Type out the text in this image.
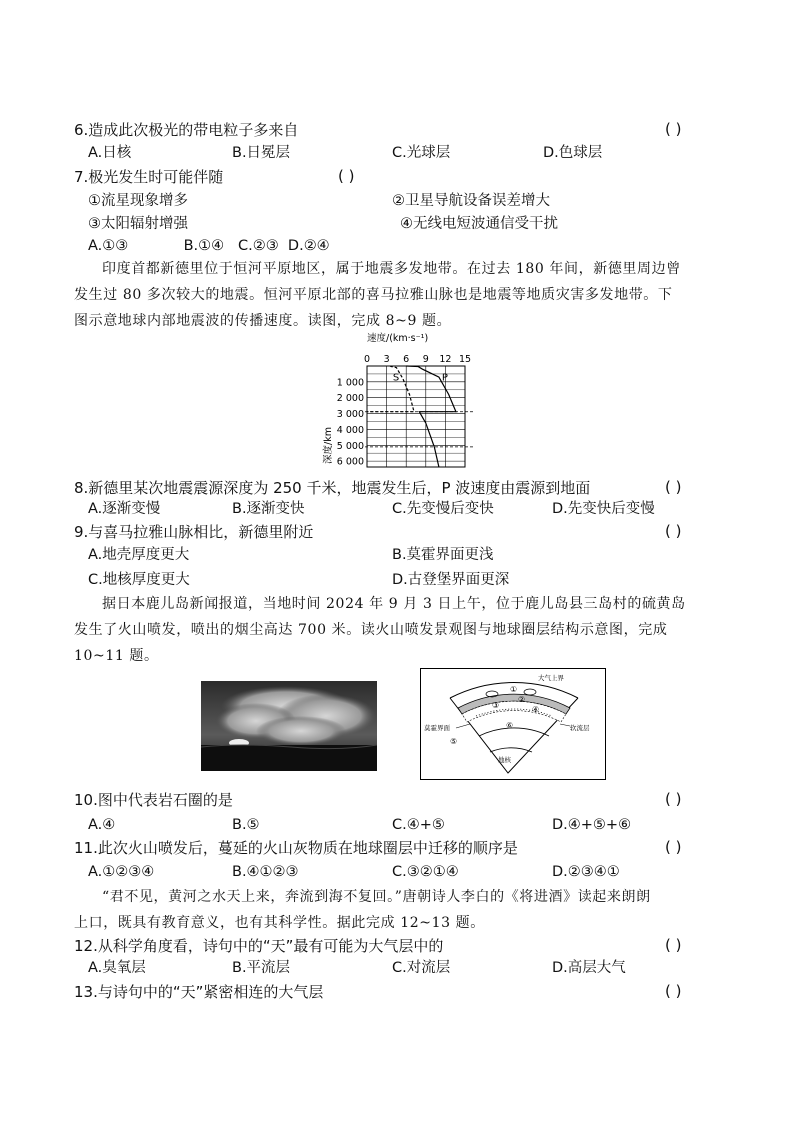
6.造成此次极光的带电粒子多来自	( )
A.日核	B.日冕层	C.光球层	D.色球层
7.极光发生时可能伴随	( )
①流星现象增多	②卫星导航设备误差增大
③太阳辐射增强	④无线电短波通信受干扰
A.①③            B.①④   C.②③  D.②④
印度首都新德里位于恒河平原地区，属于地震多发地带。在过去 180 年间，新德里周边曾
发生过 80 多次较大的地震。恒河平原北部的喜马拉雅山脉也是地震等地质灾害多发地带。下
图示意地球内部地震波的传播速度。读图，完成 8~9 题。
0 3 6 9 12 15
1 000
2 000
3 000
4 000
5 000
6 000
S	P
速度/(km·s⁻¹)
深度/km
8.新德里某次地震震源深度为 250 千米，地震发生后，P 波速度由震源到地面	( )
A.逐渐变慢	B.逐渐变快	C.先变慢后变快	D.先变快后变慢
9.与喜马拉雅山脉相比，新德里附近	( )
A.地壳厚度更大	B.莫霍界面更浅
C.地核厚度更大	D.古登堡界面更深
据日本鹿儿岛新闻报道，当地时间 2024 年 9 月 3 日上午，位于鹿儿岛县三岛村的硫黄岛
发生了火山喷发，喷出的烟尘高达 700 米。读火山喷发景观图与地球圈层结构示意图，完成
10~11 题。
大气上界
①
②
③	④
⑤
⑥
莫霍界面	软流层
地核
10.图中代表岩石圈的是	( )
A.④	B.⑤	C.④+⑤	D.④+⑤+⑥
11.此次火山喷发后，蔓延的火山灰物质在地球圈层中迁移的顺序是	( )
A.①②③④	B.④①②③	C.③②①④	D.②③④①
“君不见，黄河之水天上来，奔流到海不复回。”唐朝诗人李白的《将进酒》读起来朗朗
上口，既具有教育意义，也有其科学性。据此完成 12~13 题。
12.从科学角度看，诗句中的“天”最有可能为大气层中的	( )
A.臭氧层	B.平流层	C.对流层	D.高层大气
13.与诗句中的“天”紧密相连的大气层	( )
